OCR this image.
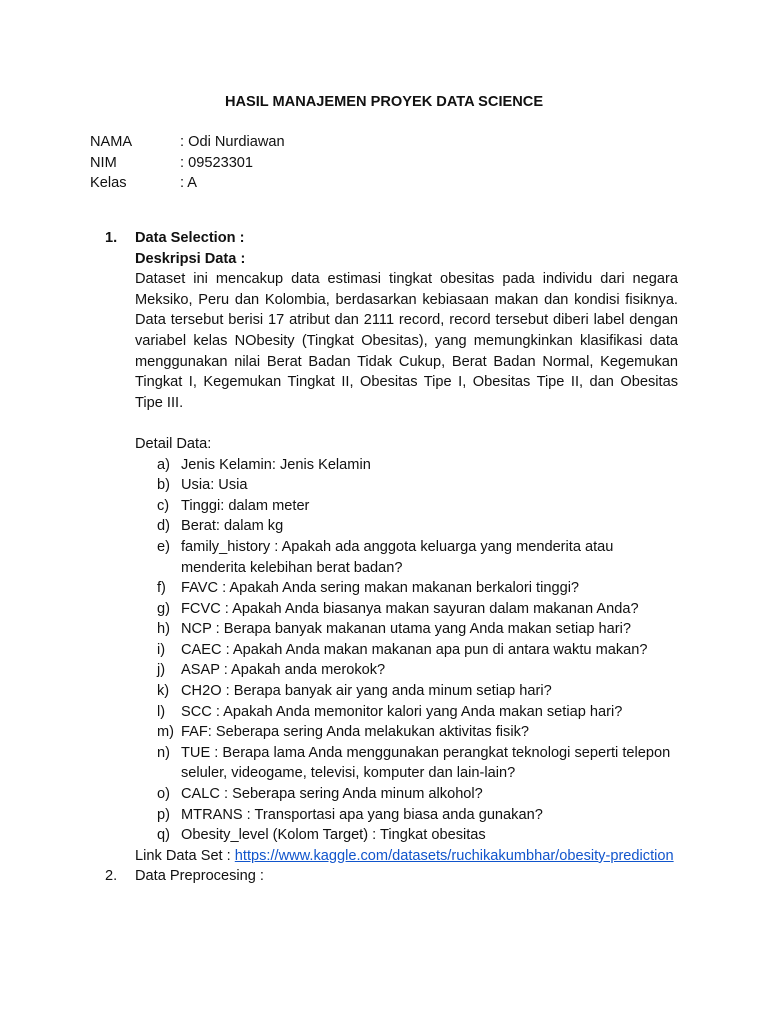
HASIL MANAJEMEN PROYEK DATA SCIENCE
NAMA	: Odi Nurdiawan
NIM	: 09523301
Kelas	: A
1.	Data Selection :
Deskripsi Data :
Dataset ini mencakup data estimasi tingkat obesitas pada individu dari negara Meksiko, Peru dan Kolombia, berdasarkan kebiasaan makan dan kondisi fisiknya. Data tersebut berisi 17 atribut dan 2111 record, record tersebut diberi label dengan variabel kelas NObesity (Tingkat Obesitas), yang memungkinkan klasifikasi data menggunakan nilai Berat Badan Tidak Cukup, Berat Badan Normal, Kegemukan Tingkat I, Kegemukan Tingkat II, Obesitas Tipe I, Obesitas Tipe II, dan Obesitas Tipe III.
Detail Data:
a) Jenis Kelamin: Jenis Kelamin
b) Usia: Usia
c) Tinggi: dalam meter
d) Berat: dalam kg
e) family_history : Apakah ada anggota keluarga yang menderita atau menderita kelebihan berat badan?
f)	FAVC : Apakah Anda sering makan makanan berkalori tinggi?
g) FCVC : Apakah Anda biasanya makan sayuran dalam makanan Anda?
h) NCP : Berapa banyak makanan utama yang Anda makan setiap hari?
i)	CAEC : Apakah Anda makan makanan apa pun di antara waktu makan?
j)	ASAP : Apakah anda merokok?
k) CH2O : Berapa banyak air yang anda minum setiap hari?
l)	SCC : Apakah Anda memonitor kalori yang Anda makan setiap hari?
m) FAF: Seberapa sering Anda melakukan aktivitas fisik?
n) TUE : Berapa lama Anda menggunakan perangkat teknologi seperti telepon seluler, videogame, televisi, komputer dan lain-lain?
o) CALC : Seberapa sering Anda minum alkohol?
p) MTRANS : Transportasi apa yang biasa anda gunakan?
q) Obesity_level (Kolom Target) : Tingkat obesitas
Link Data Set : https://www.kaggle.com/datasets/ruchikakumbhar/obesity-prediction
2.	Data Preprocesing :
